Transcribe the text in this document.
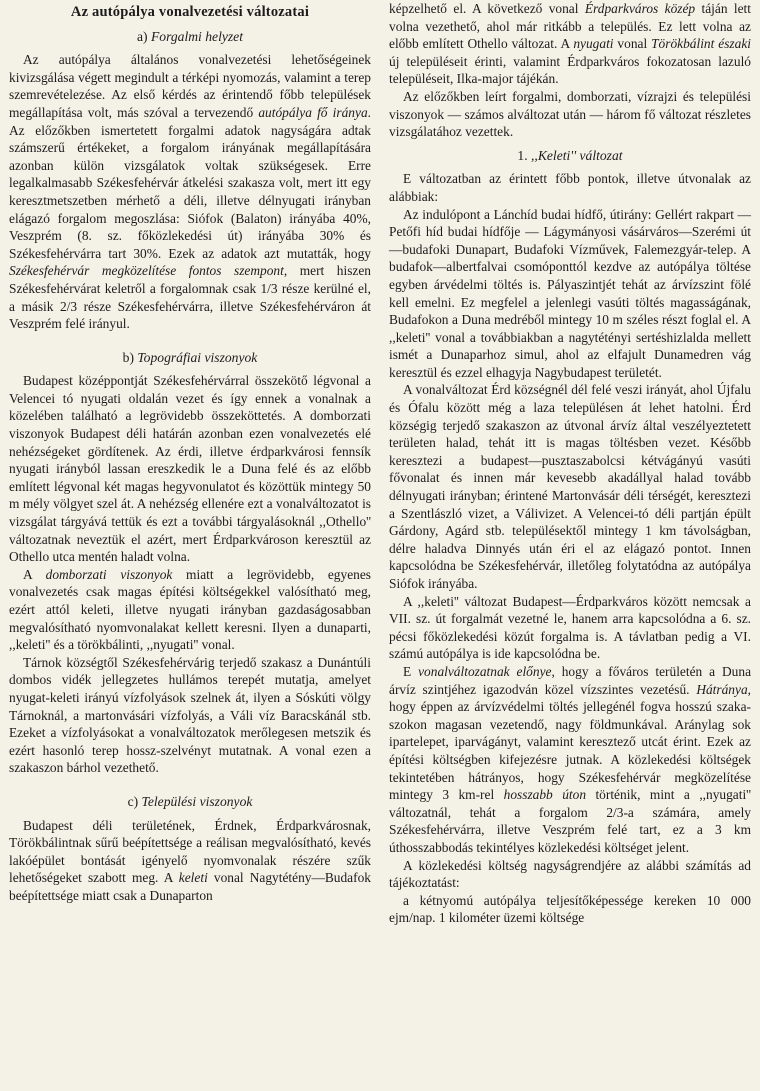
Az autópálya vonalvezetési változatai
a) Forgalmi helyzet

Az autópálya általános vonalvezetési lehetőségeinek kivizsgálása végett megindult a térképi nyomozás, valamint a terep szemrevételezése. Az első kérdés az érintendő főbb települések megállapítása volt, más szóval a tervezendő autópálya fő iránya. Az előzőkben ismertetett forgalmi adatok nagyságára adtak számszerű értékeket, a forgalom irányának megállapítására azonban külön vizsgálatok voltak szükségesek. Erre legalkalmasabb Székesfehérvár átkelési szakasza volt, mert itt egy keresztmetszetben mérhető a déli, illetve délnyugati irányban elágazó forgalom megoszlása: Siófok (Balaton) irányába 40%, Veszprém (8. sz. főközlekedési út) irányába 30% és Székesfehérvárra tart 30%. Ezek az adatok azt mutatták, hogy Székesfehérvár megközelítése fontos szempont, mert hiszen Székesfehérvárat keletről a forgalomnak csak 1/3 része kerülné el, a másik 2/3 része Székesfehérvárra, illetve Székesfehérváron át Veszprém felé irányul.

b) Topográfiai viszonyok

Budapest középpontját Székesfehérvárral összekötő légvonal a Velencei tó nyugati oldalán vezet és így ennek a vonalnak a közelében található a legrövidebb összeköttetés. A domborzati viszonyok Budapest déli határán azonban ezen vonalvezetés elé nehézségeket gördítenek. Az érdi, illetve érdparkvárosi fennsík nyugati irányból lassan ereszkedik le a Duna felé és az előbb említett légvonal két magas hegyvonulatot és közöttük mintegy 50 m mély völgyet szel át. A nehézség ellenére ezt a vonalváltozatot is vizsgálat tárgyává tettük és ezt a további tárgyalásoknál ,,Othello'' változatnak neveztük el azért, mert Érdparkvároson keresztül az Othello utca mentén haladt volna.

A domborzati viszonyok miatt a legrövidebb, egyenes vonalvezetés csak magas építési költségekkel valósítható meg, ezért attól keleti, illetve nyugati irányban gazdaságosabban megvalósítható nyomvonalakat kellett keresni. Ilyen a dunaparti, ,,keleti'' és a törökbálinti, ,,nyugati'' vonal.

Tárnok községtől Székesfehérvárig terjedő szakasz a Dunántúli dombos vidék jellegzetes hullámos terepét mutatja, amelyet nyugat-keleti irányú vízfolyások szelnek át, ilyen a Sóskúti völgy Tárnoknál, a martonvásári vízfolyás, a Váli víz Baracskánál stb. Ezeket a vízfolyásokat a vonalváltozatok merőlegesen metszik és ezért hasonló terep hossz-szelvényt mutatnak. A vonal ezen a szakaszon bárhol vezethető.

c) Települési viszonyok

Budapest déli területének, Érdnek, Érdparkvárosnak, Törökbálintnak sűrű beépítettsége a reálisan megvalósítható, kevés lakóépület bontását igényelő nyomvonalak részére szűk lehetőségeket szabott meg. A keleti vonal Nagytétény—Budafok beépítettsége miatt csak a Dunaparton

képzelhető el. A következő vonal Érdparkváros közép táján lett volna vezethető, ahol már ritkább a település. Ez lett volna az előbb említett Othello változat. A nyugati vonal Törökbálint északi új településeit érinti, valamint Érdparkváros fokozatosan lazuló településeit, Ilka-major tájékán.

Az előzőkben leírt forgalmi, domborzati, vízrajzi és települési viszonyok — számos alváltozat után — három fő változat részletes vizsgálatához vezettek.

1. ,,Keleti'' változat

E változatban az érintett főbb pontok, illetve útvonalak az alábbiak:

Az indulópont a Lánchíd budai hídfő, útirány: Gellért rakpart — Petőfi híd budai hídfője — Lágymányosi vásárváros—Szerémi út—budafoki Dunapart, Budafoki Vízművek, Falemezgyár-telep. A budafok—albertfalvai csomóponttól kezdve az autópálya töltése egyben árvédelmi töltés is. Pályaszintjét tehát az árvízszint fölé kell emelni. Ez megfelel a jelenlegi vasúti töltés magasságának, Budafokon a Duna medréből mintegy 10 m széles részt foglal el. A ,,keleti'' vonal a továbbiakban a nagytétényi sertéshizlalda mellett ismét a Dunaparhoz simul, ahol az elfajult Dunamedren vág keresztül és ezzel elhagyja Nagybudapest területét.

A vonalváltozat Érd községnél dél felé veszi irányát, ahol Újfalu és Ófalu között még a laza településen át lehet hatolni. Érd községig terjedő szakaszon az útvonal árvíz által veszélyeztetett területen halad, tehát itt is magas töltésben vezet. Később keresztezi a budapest—pusztaszabolcsi kétvágányú vasúti fővonalat és innen már kevesebb akadállyal halad tovább délnyugati irányban; érintené Martonvásár déli térségét, keresztezi a Szentlászló vizet, a Válivizet. A Velencei-tó déli partján épült Gárdony, Agárd stb. településektől mintegy 1 km távolságban, délre haladva Dinnyés után éri el az elágazó pontot. Innen kapcsolódna be Székesfehérvár, illetőleg folytatódna az autópálya Siófok irányába.

A ,,keleti'' változat Budapest—Érdparkváros között nemcsak a VII. sz. út forgalmát vezetné le, hanem arra kapcsolódna a 6. sz. pécsi főközlekedési közút forgalma is. A távlatban pedig a VI. számú autópálya is ide kapcsolódna be.

E vonalváltozatnak előnye, hogy a főváros területén a Duna árvíz szintjéhez igazodván közel vízszintes vezetésű. Hátránya, hogy éppen az árvízvédelmi töltés jellegénél fogva hosszú szakaszokon magasan vezetendő, nagy földmunkával. Aránylag sok ipartelepet, iparvágányt, valamint keresztező utcát érint. Ezek az építési költségben kifejezésre jutnak. A közlekedési költségek tekintetében hátrányos, hogy Székesfehérvár megközelítése mintegy 3 km-rel hosszabb úton történik, mint a ,,nyugati'' változatnál, tehát a forgalom 2/3-a számára, amely Székesfehérvárra, illetve Veszprém felé tart, ez a 3 km úthosszabbodás tekintélyes közlekedési költséget jelent.

A közlekedési költség nagyságrendjére az alábbi számítás ad tájékoztatást:

a kétnyomú autópálya teljesítőképessége kereken 10 000 ejm/nap. 1 kilométer üzemi költsége
